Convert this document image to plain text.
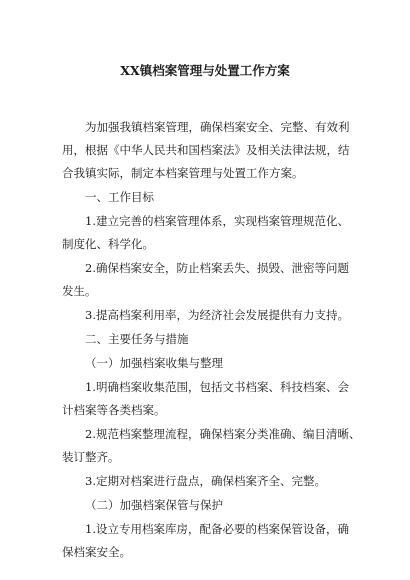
XX镇档案管理与处置工作方案
为加强我镇档案管理，确保档案安全、完整、有效利
用，根据《中华人民共和国档案法》及相关法律法规，结
合我镇实际，制定本档案管理与处置工作方案。
一、工作目标
1.建立完善的档案管理体系，实现档案管理规范化、
制度化、科学化。
2.确保档案安全，防止档案丢失、损毁、泄密等问题
发生。
3.提高档案利用率，为经济社会发展提供有力支持。
二、主要任务与措施
（一）加强档案收集与整理
1.明确档案收集范围，包括文书档案、科技档案、会
计档案等各类档案。
2.规范档案整理流程，确保档案分类准确、编目清晰、
装订整齐。
3.定期对档案进行盘点，确保档案齐全、完整。
（二）加强档案保管与保护
1.设立专用档案库房，配备必要的档案保管设备，确
保档案安全。
